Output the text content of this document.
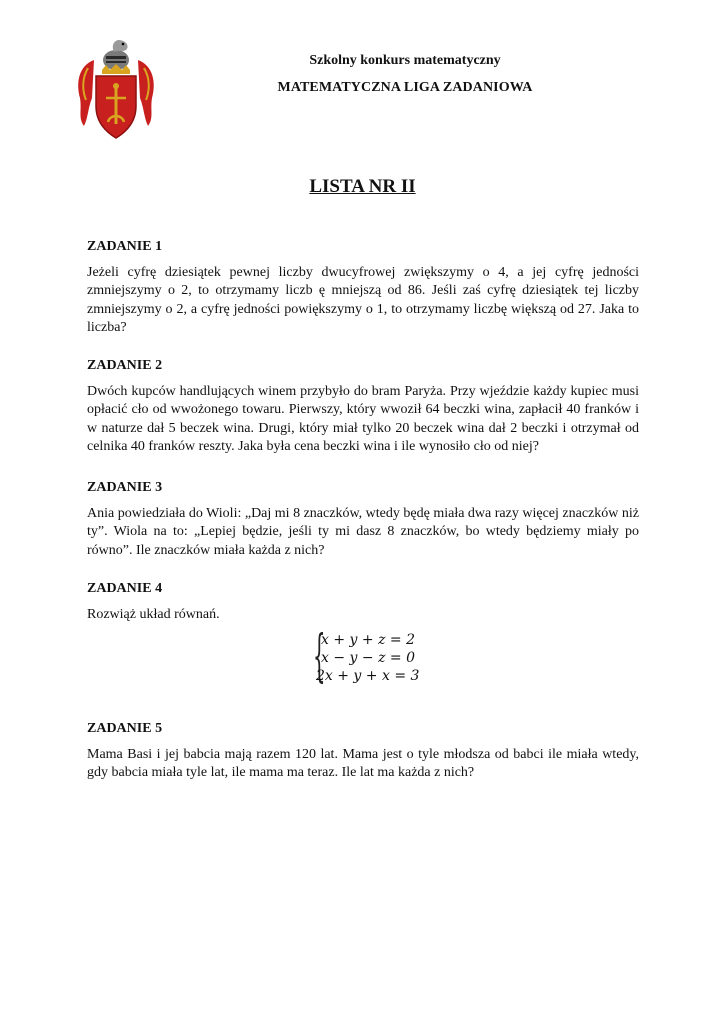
Szkolny konkurs matematyczny

MATEMATYCZNA LIGA ZADANIOWA

LISTA NR II

ZADANIE 1

Jeżeli cyfrę dziesiątek pewnej liczby dwucyfrowej zwiększymy o 4, a jej cyfrę jedności zmniejszymy o 2, to otrzymamy liczb ę mniejszą od 86. Jeśli zaś cyfrę dziesiątek tej liczby zmniejszymy o 2, a cyfrę jedności powiększymy o 1, to otrzymamy liczbę większą od 27. Jaka to liczba?

ZADANIE 2

Dwóch kupców handlujących winem przybyło do bram Paryża. Przy wjeździe każdy kupiec musi opłacić cło od wwożonego towaru. Pierwszy, który wwoził 64 beczki wina, zapłacił 40 franków i w naturze dał 5 beczek wina. Drugi, który miał tylko 20 beczek wina dał 2 beczki i otrzymał od celnika 40 franków reszty. Jaka była cena beczki wina i ile wynosiło cło od niej?

ZADANIE 3

Ania powiedziała do Wioli: „Daj mi 8 znaczków, wtedy będę miała dwa razy więcej znaczków niż ty”. Wiola na to: „Lepiej będzie, jeśli ty mi dasz 8 znaczków, bo wtedy będziemy miały po równo”. Ile znaczków miała każda z nich?

ZADANIE 4

Rozwiąż układ równań.

{
x + y + z = 2
x − y − z = 0
2x + y + x = 3

ZADANIE 5

Mama Basi i jej babcia mają razem 120 lat. Mama jest o tyle młodsza od babci ile miała wtedy, gdy babcia miała tyle lat, ile mama ma teraz. Ile lat ma każda z nich?
